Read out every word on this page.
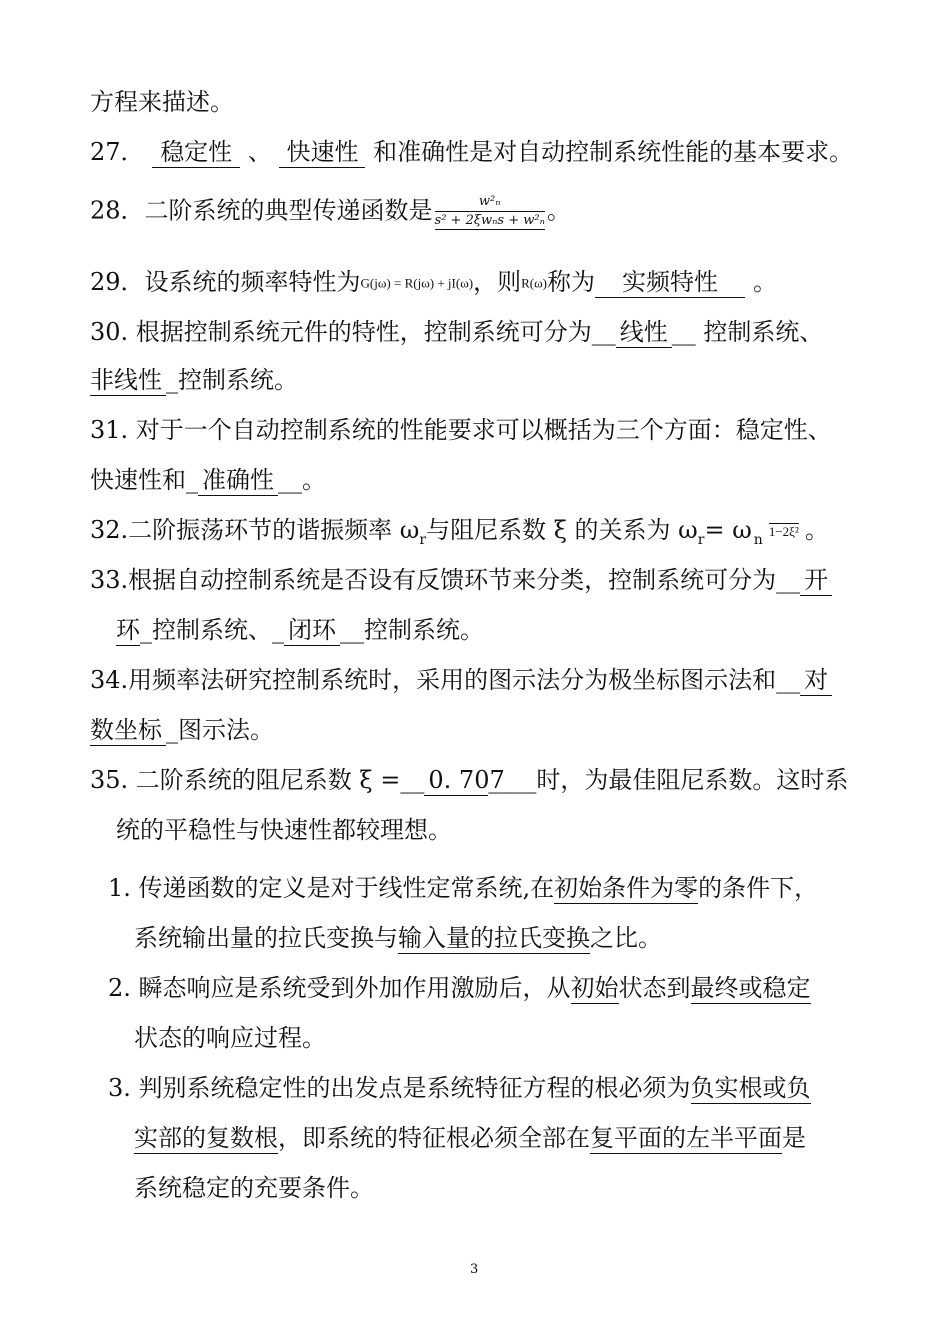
方程来描述。
27． 稳定性 、 快速性 和准确性是对自动控制系统性能的基本要求。
28．二阶系统的典型传递函数是 $\frac{\text{w²ₙ}}{\text{s² + 2ξwₙs + w²ₙ}}$ 。
29．设系统的频率特性为G(jω) = R(jω) + jI(ω)，则R(ω)称为 实频特性 。
30. 根据控制系统元件的特性，控制系统可分为__ 线性 __ 控制系统、
非线性 _控制系统。
31. 对于一个自动控制系统的性能要求可以概括为三个方面：稳定性、
快速性和_ 准确性 __。
32.二阶振荡环节的谐振频率 $\omega_r$与阻尼系数 ξ 的关系为 $\omega_r= \omega$ $_n$1−2ξ² 。
33.根据自动控制系统是否设有反馈环节来分类，控制系统可分为__ 开
环_控制系统、_ 闭环 __控制系统。
34.用频率法研究控制系统时，采用的图示法分为极坐标图示法和__ 对
数坐标 _图示法。
35. 二阶系统的阻尼系数 ξ =__ 0. 707____时，为最佳阻尼系数。这时系
统的平稳性与快速性都较理想。
1. 传递函数的定义是对于线性定常系统,在初始条件为零的条件下，
系统输出量的拉氏变换与输入量的拉氏变换之比。
2. 瞬态响应是系统受到外加作用激励后，从初始状态到最终或稳定
状态的响应过程。
3. 判别系统稳定性的出发点是系统特征方程的根必须为负实根或负
实部的复数根，即系统的特征根必须全部在复平面的左半平面是
系统稳定的充要条件。
3
